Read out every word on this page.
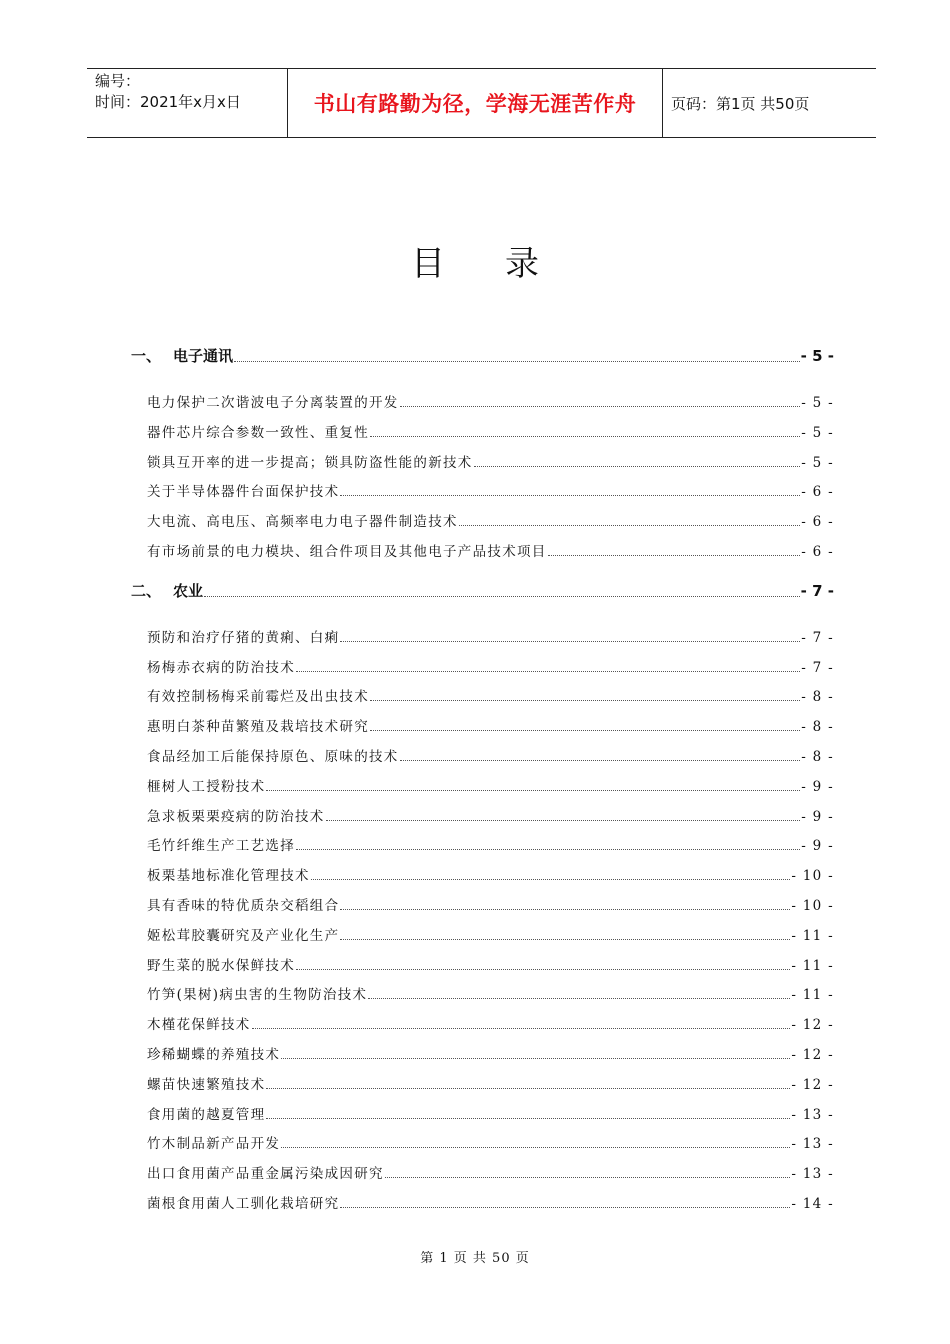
编号：
时间：2021年x月x日	书山有路勤为径，学海无涯苦作舟	页码：第1页 共50页
目录
一、 电子通讯	- 5 -
电力保护二次谐波电子分离装置的开发	- 5 -
器件芯片综合参数一致性、重复性	- 5 -
锁具互开率的进一步提高；锁具防盗性能的新技术	- 5 -
关于半导体器件台面保护技术	- 6 -
大电流、高电压、高频率电力电子器件制造技术	- 6 -
有市场前景的电力模块、组合件项目及其他电子产品技术项目	- 6 -
二、 农业	- 7 -
预防和治疗仔猪的黄痢、白痢	- 7 -
杨梅赤衣病的防治技术	- 7 -
有效控制杨梅采前霉烂及出虫技术	- 8 -
惠明白茶种苗繁殖及栽培技术研究	- 8 -
食品经加工后能保持原色、原味的技术	- 8 -
榧树人工授粉技术	- 9 -
急求板栗栗疫病的防治技术	- 9 -
毛竹纤维生产工艺选择	- 9 -
板栗基地标准化管理技术	- 10 -
具有香味的特优质杂交稻组合	- 10 -
姬松茸胶囊研究及产业化生产	- 11 -
野生菜的脱水保鲜技术	- 11 -
竹笋(果树)病虫害的生物防治技术	- 11 -
木槿花保鲜技术	- 12 -
珍稀蝴蝶的养殖技术	- 12 -
螺苗快速繁殖技术	- 12 -
食用菌的越夏管理	- 13 -
竹木制品新产品开发	- 13 -
出口食用菌产品重金属污染成因研究	- 13 -
菌根食用菌人工驯化栽培研究	- 14 -
第 1 页 共 50 页
